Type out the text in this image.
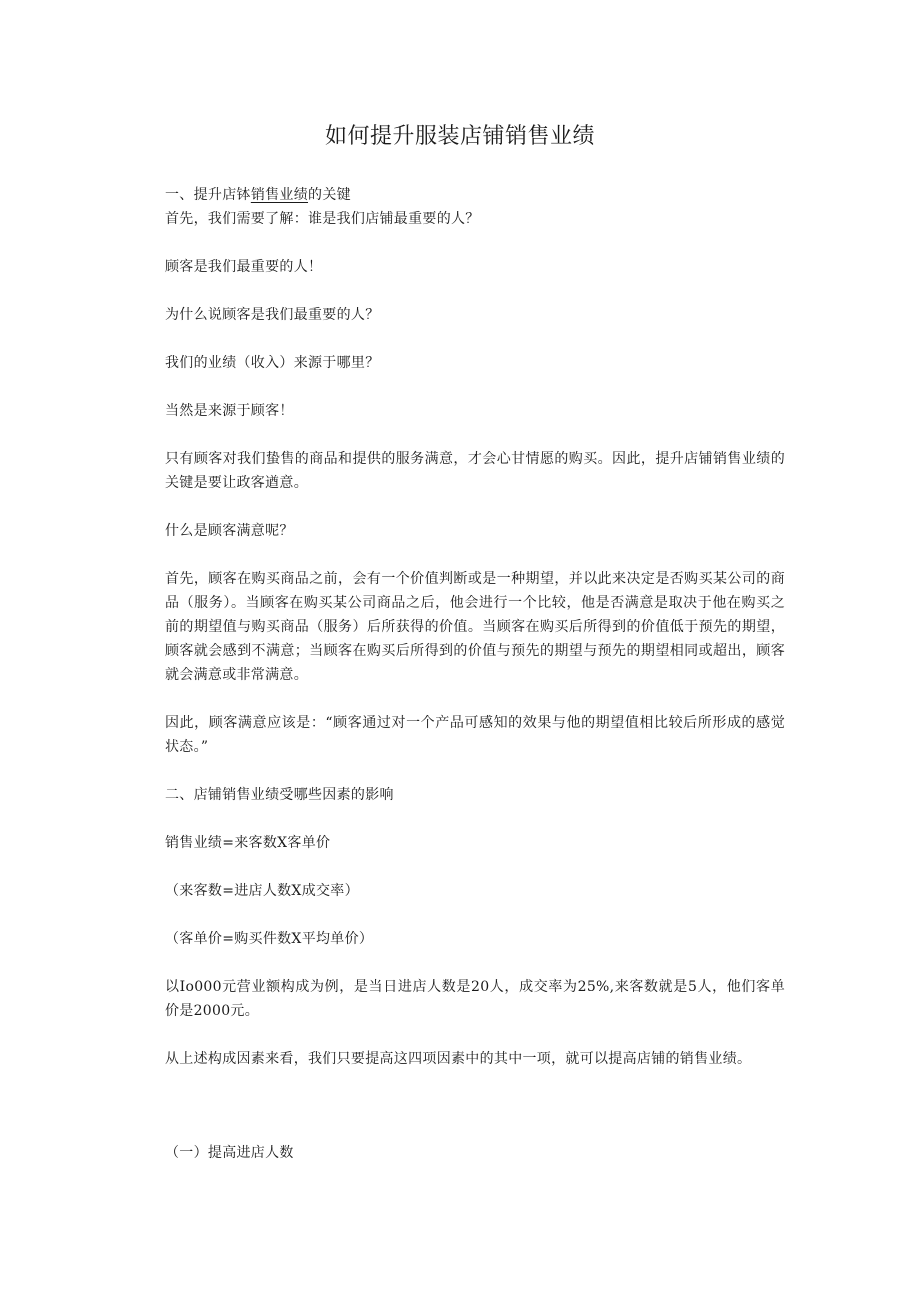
如何提升服装店铺销售业绩

一、提升店钵销售业绩的关键

首先，我们需要了解：谁是我们店铺最重要的人？

顾客是我们最重要的人！

为什么说顾客是我们最重要的人？

我们的业绩（收入）来源于哪里？

当然是来源于顾客！

只有顾客对我们蛰售的商品和提供的服务满意，才会心甘情愿的购买。因此，提升店铺销售业绩的关键是要让政客遒意。

什么是顾客满意呢？

首先，顾客在购买商品之前，会有一个价值判断或是一种期望，并以此来决定是否购买某公司的商品（服务）。当顾客在购买某公司商品之后，他会进行一个比较，他是否满意是取决于他在购买之前的期望值与购买商品（服务）后所获得的价值。当顾客在购买后所得到的价值低于预先的期望，顾客就会感到不满意；当顾客在购买后所得到的价值与预先的期望与预先的期望相同或超出，顾客就会满意或非常满意。

因此，顾客满意应该是：“顾客通过对一个产品可感知的效果与他的期望值相比较后所形成的感觉状态。”

二、店铺销售业绩受哪些因素的影响

销售业绩=来客数X客单价

（来客数=进店人数X成交率）

（客单价=购买件数X平均单价）

以Io000元营业额构成为例，是当日进店人数是20人，成交率为25%,来客数就是5人，他们客单价是2000元。

从上述构成因素来看，我们只要提高这四项因素中的其中一项，就可以提高店铺的销售业绩。

（一）提高进店人数
